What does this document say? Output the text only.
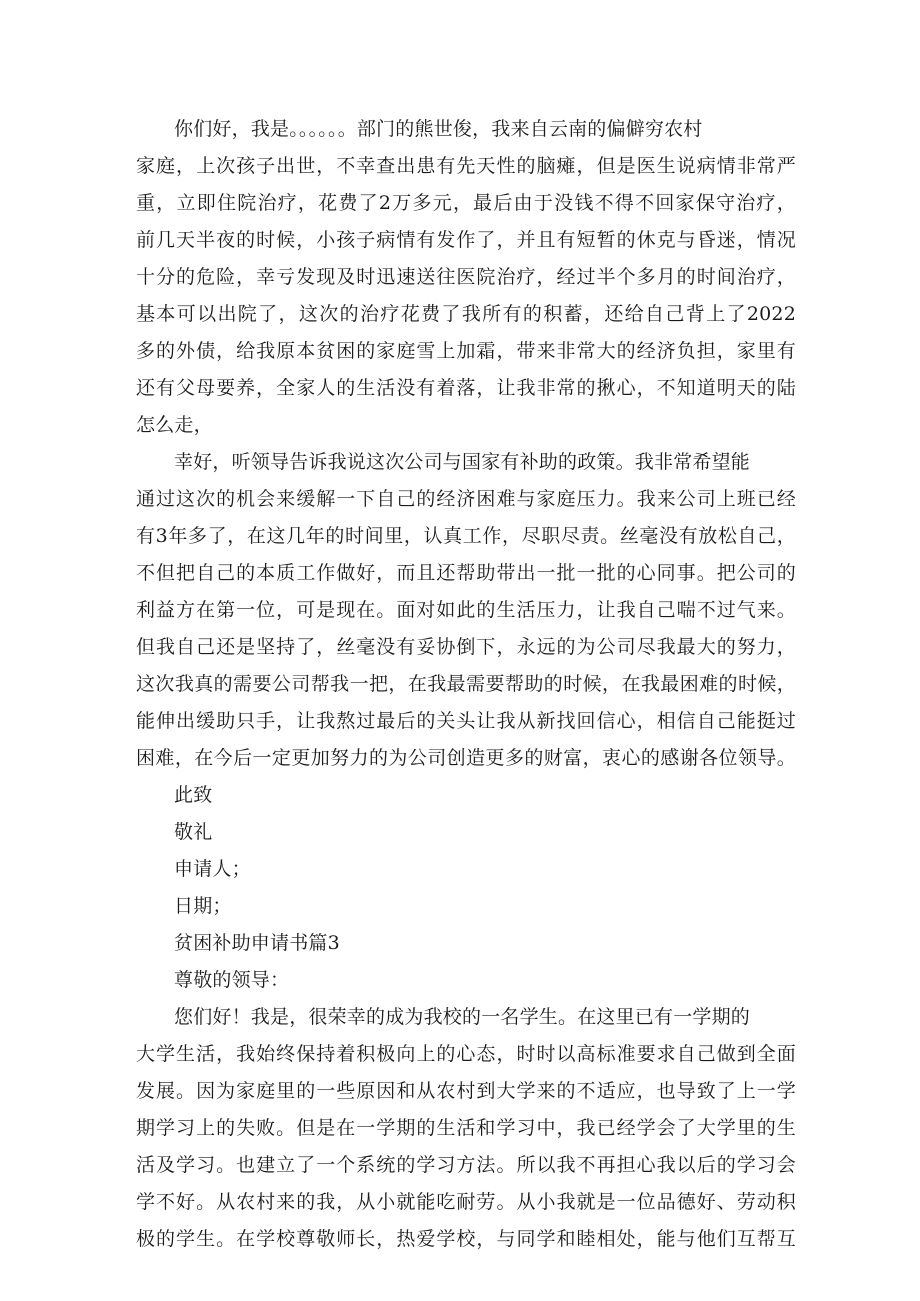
你们好，我是。。。。。。部门的熊世俊，我来自云南的偏僻穷农村
家庭，上次孩子出世，不幸查出患有先天性的脑瘫，但是医生说病情非常严
重，立即住院治疗，花费了2万多元，最后由于没钱不得不回家保守治疗，
前几天半夜的时候，小孩子病情有发作了，并且有短暂的休克与昏迷，情况
十分的危险，幸亏发现及时迅速送往医院治疗，经过半个多月的时间治疗，
基本可以出院了，这次的治疗花费了我所有的积蓄，还给自己背上了2022
多的外债，给我原本贫困的家庭雪上加霜，带来非常大的经济负担，家里有
还有父母要养，全家人的生活没有着落，让我非常的揪心，不知道明天的陆
怎么走，
幸好，听领导告诉我说这次公司与国家有补助的政策。我非常希望能
通过这次的机会来缓解一下自己的经济困难与家庭压力。我来公司上班已经
有3年多了，在这几年的时间里，认真工作，尽职尽责。丝毫没有放松自己，
不但把自己的本质工作做好，而且还帮助带出一批一批的心同事。把公司的
利益方在第一位，可是现在。面对如此的生活压力，让我自己喘不过气来。
但我自己还是坚持了，丝毫没有妥协倒下，永远的为公司尽我最大的努力，
这次我真的需要公司帮我一把，在我最需要帮助的时候，在我最困难的时候，
能伸出缓助只手，让我熬过最后的关头让我从新找回信心，相信自己能挺过
困难，在今后一定更加努力的为公司创造更多的财富，衷心的感谢各位领导。
此致
敬礼
申请人；
日期；
贫困补助申请书篇3
尊敬的领导：
您们好！我是，很荣幸的成为我校的一名学生。在这里已有一学期的
大学生活，我始终保持着积极向上的心态，时时以高标准要求自己做到全面
发展。因为家庭里的一些原因和从农村到大学来的不适应，也导致了上一学
期学习上的失败。但是在一学期的生活和学习中，我已经学会了大学里的生
活及学习。也建立了一个系统的学习方法。所以我不再担心我以后的学习会
学不好。从农村来的我，从小就能吃耐劳。从小我就是一位品德好、劳动积
极的学生。在学校尊敬师长，热爱学校，与同学和睦相处，能与他们互帮互
